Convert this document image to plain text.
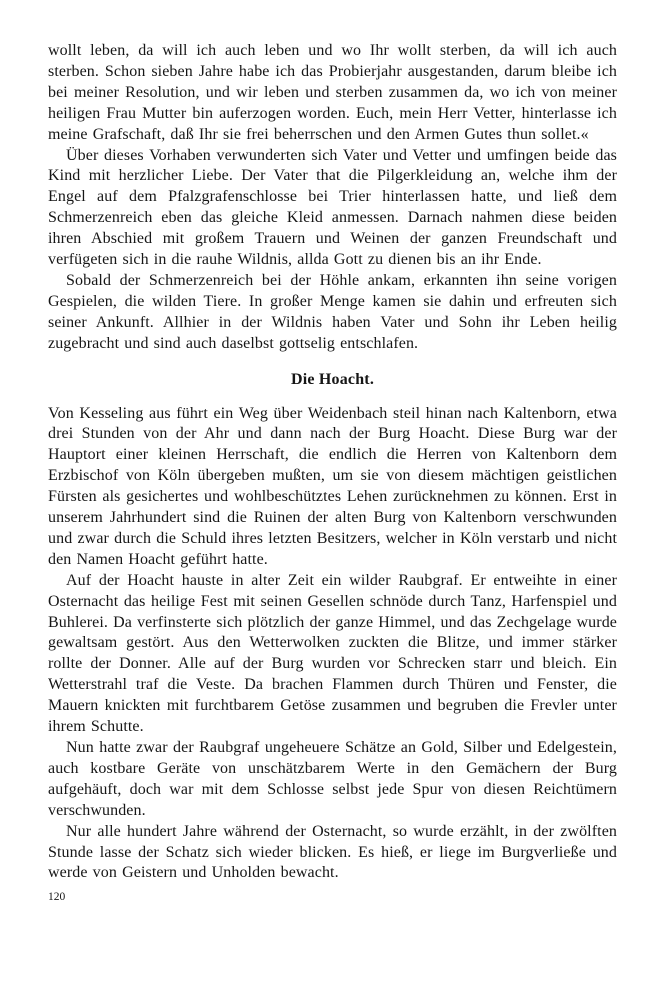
wollt leben, da will ich auch leben und wo Ihr wollt sterben, da will ich auch sterben. Schon sieben Jahre habe ich das Probierjahr ausgestanden, darum bleibe ich bei meiner Resolution, und wir leben und sterben zusammen da, wo ich von meiner heiligen Frau Mutter bin auferzogen worden. Euch, mein Herr Vetter, hinterlasse ich meine Grafschaft, daß Ihr sie frei beherrschen und den Armen Gutes thun sollet.«

Über dieses Vorhaben verwunderten sich Vater und Vetter und umfingen beide das Kind mit herzlicher Liebe. Der Vater that die Pilgerkleidung an, welche ihm der Engel auf dem Pfalzgrafenschlosse bei Trier hinterlassen hatte, und ließ dem Schmerzenreich eben das gleiche Kleid anmessen. Darnach nahmen diese beiden ihren Abschied mit großem Trauern und Weinen der ganzen Freundschaft und verfügeten sich in die rauhe Wildnis, allda Gott zu dienen bis an ihr Ende.

Sobald der Schmerzenreich bei der Höhle ankam, erkannten ihn seine vorigen Gespielen, die wilden Tiere. In großer Menge kamen sie dahin und erfreuten sich seiner Ankunft. Allhier in der Wildnis haben Vater und Sohn ihr Leben heilig zugebracht und sind auch daselbst gottselig entschlafen.

Die Hoacht.

Von Kesseling aus führt ein Weg über Weidenbach steil hinan nach Kaltenborn, etwa drei Stunden von der Ahr und dann nach der Burg Hoacht. Diese Burg war der Hauptort einer kleinen Herrschaft, die endlich die Herren von Kaltenborn dem Erzbischof von Köln übergeben mußten, um sie von diesem mächtigen geistlichen Fürsten als gesichertes und wohlbeschütztes Lehen zurücknehmen zu können. Erst in unserem Jahrhundert sind die Ruinen der alten Burg von Kaltenborn verschwunden und zwar durch die Schuld ihres letzten Besitzers, welcher in Köln verstarb und nicht den Namen Hoacht geführt hatte.

Auf der Hoacht hauste in alter Zeit ein wilder Raubgraf. Er entweihte in einer Osternacht das heilige Fest mit seinen Gesellen schnöde durch Tanz, Harfenspiel und Buhlerei. Da verfinsterte sich plötzlich der ganze Himmel, und das Zechgelage wurde gewaltsam gestört. Aus den Wetterwolken zuckten die Blitze, und immer stärker rollte der Donner. Alle auf der Burg wurden vor Schrecken starr und bleich. Ein Wetterstrahl traf die Veste. Da brachen Flammen durch Thüren und Fenster, die Mauern knickten mit furchtbarem Getöse zusammen und begruben die Frevler unter ihrem Schutte.

Nun hatte zwar der Raubgraf ungeheuere Schätze an Gold, Silber und Edelgestein, auch kostbare Geräte von unschätzbarem Werte in den Gemächern der Burg aufgehäuft, doch war mit dem Schlosse selbst jede Spur von diesen Reichtümern verschwunden.

Nur alle hundert Jahre während der Osternacht, so wurde erzählt, in der zwölften Stunde lasse der Schatz sich wieder blicken. Es hieß, er liege im Burgverließe und werde von Geistern und Unholden bewacht.

120
